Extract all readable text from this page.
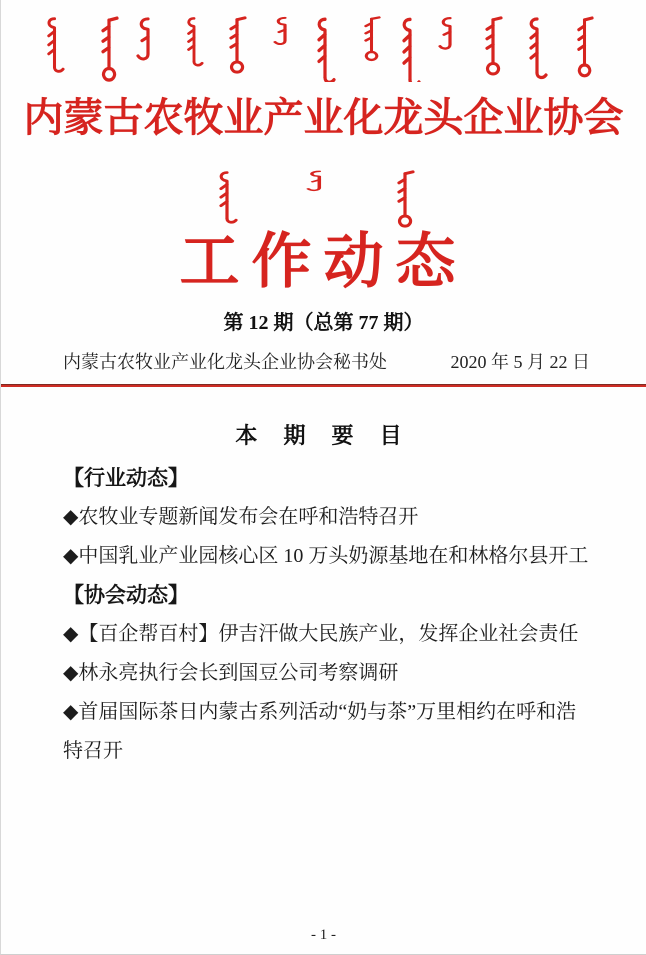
内蒙古农牧业产业化龙头企业协会
工作动态
第 12 期（总第 77 期）
内蒙古农牧业产业化龙头企业协会秘书处	2020 年 5 月 22 日
本 期 要 目
【行业动态】
◆农牧业专题新闻发布会在呼和浩特召开
◆中国乳业产业园核心区 10 万头奶源基地在和林格尔县开工
【协会动态】
◆【百企帮百村】伊吉汗做大民族产业，发挥企业社会责任
◆林永亮执行会长到国豆公司考察调研
◆首届国际茶日内蒙古系列活动“奶与茶”万里相约在呼和浩特召开
- 1 -
